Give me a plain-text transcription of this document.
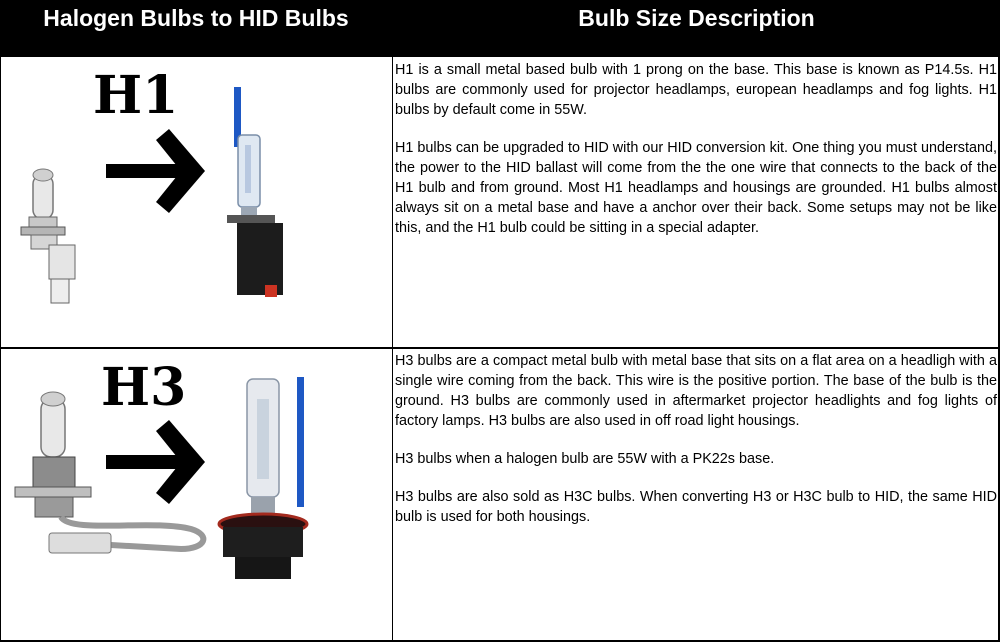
Halogen Bulbs to HID Bulbs	Bulb Size Description
H1	H1 is a small metal based bulb with 1 prong on the base. This base is known as P14.5s. H1 bulbs are commonly used for projector headlamps, european headlamps and fog lights. H1 bulbs by default come in 55W.

H1 bulbs can be upgraded to HID with our HID conversion kit. One thing you must understand, the power to the HID ballast will come from the the one wire that connects to the back of the H1 bulb and from ground. Most H1 headlamps and housings are grounded. H1 bulbs almost always sit on a metal base and have a anchor over their back. Some setups may not be like this, and the H1 bulb could be sitting in a special adapter.

H3	H3 bulbs are a compact metal bulb with metal base that sits on a flat area on a headligh with a single wire coming from the back. This wire is the positive portion. The base of the bulb is the ground. H3 bulbs are commonly used in aftermarket projector headlights and fog lights of factory lamps. H3 bulbs are also used in off road light housings.

H3 bulbs when a halogen bulb are 55W with a PK22s base.

H3 bulbs are also sold as H3C bulbs. When converting H3 or H3C bulb to HID, the same HID bulb is used for both housings.
